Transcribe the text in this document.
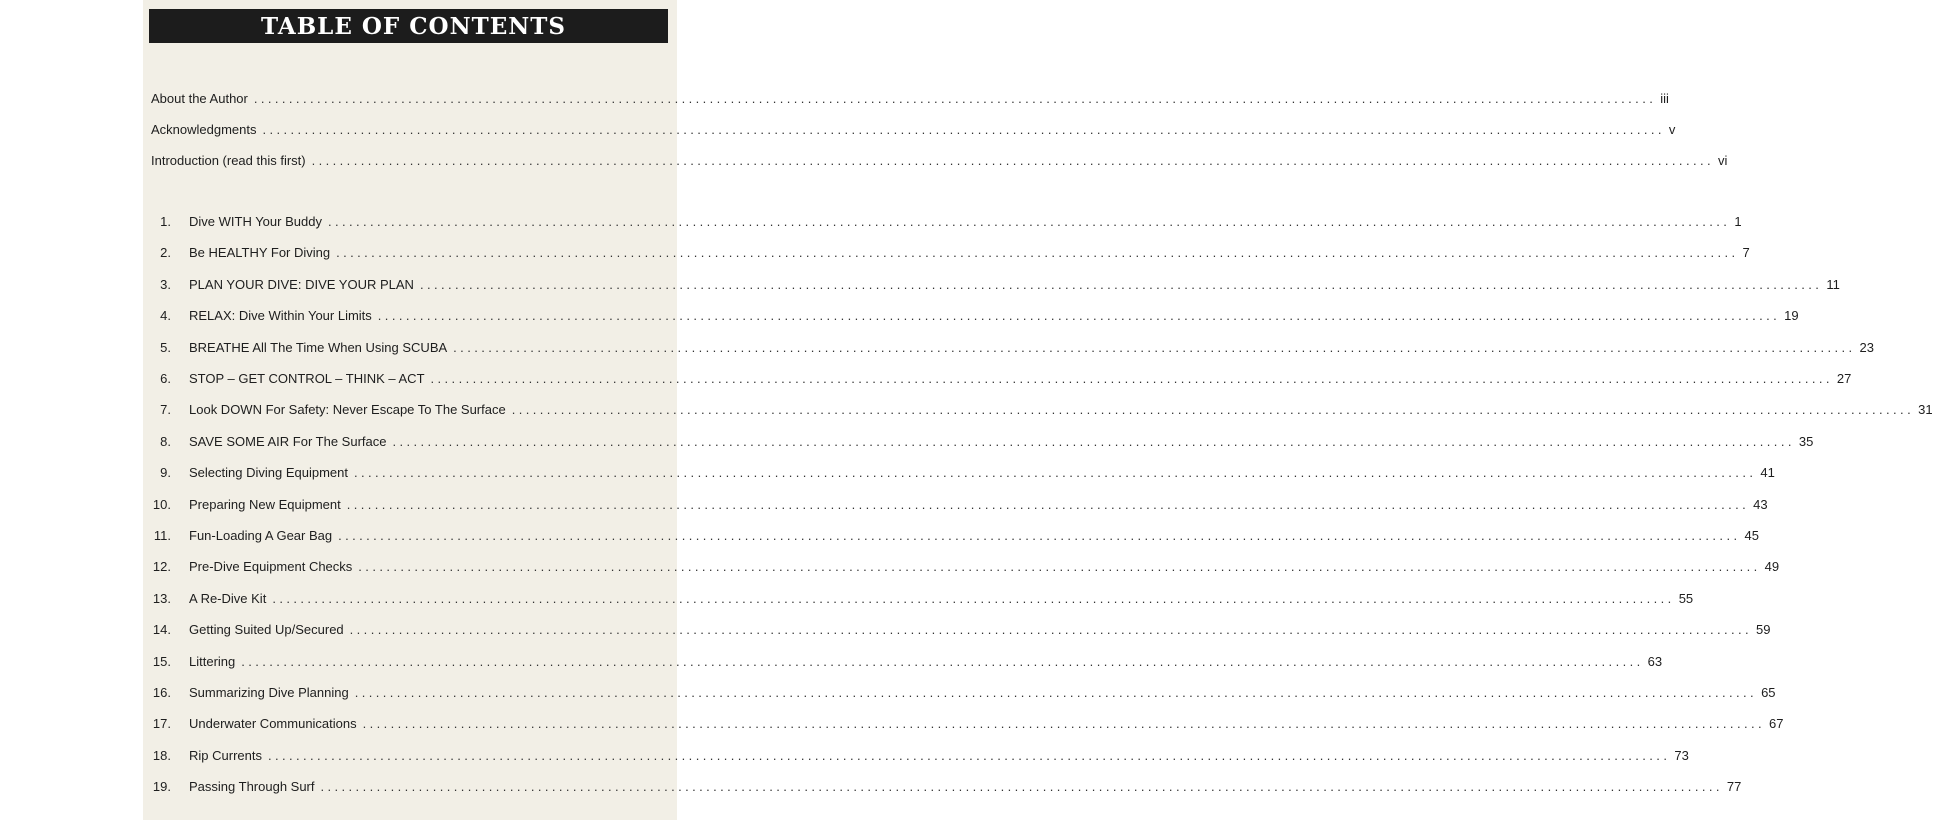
TABLE OF CONTENTS
About the Author ........................................................................................................................................................................................................ iii
Acknowledgments ........................................................................................................................................................................................................ v
Introduction (read this first) ........................................................................................................................................................................................................ vi
1. Dive WITH Your Buddy ........................................................................................................................................................................................................ 1
2. Be HEALTHY For Diving ........................................................................................................................................................................................................ 7
3. PLAN YOUR DIVE: DIVE YOUR PLAN ........................................................................................................................................................................................................ 11
4. RELAX: Dive Within Your Limits ........................................................................................................................................................................................................ 19
5. BREATHE All The Time When Using SCUBA ........................................................................................................................................................................................................ 23
6. STOP – GET CONTROL – THINK – ACT ........................................................................................................................................................................................................ 27
7. Look DOWN For Safety: Never Escape To The Surface ........................................................................................................................................................................................................ 31
8. SAVE SOME AIR For The Surface ........................................................................................................................................................................................................ 35
9. Selecting Diving Equipment ........................................................................................................................................................................................................ 41
10. Preparing New Equipment ........................................................................................................................................................................................................ 43
11. Fun-Loading A Gear Bag ........................................................................................................................................................................................................ 45
12. Pre-Dive Equipment Checks ........................................................................................................................................................................................................ 49
13. A Re-Dive Kit ........................................................................................................................................................................................................ 55
14. Getting Suited Up/Secured ........................................................................................................................................................................................................ 59
15. Littering ........................................................................................................................................................................................................ 63
16. Summarizing Dive Planning ........................................................................................................................................................................................................ 65
17. Underwater Communications ........................................................................................................................................................................................................ 67
18. Rip Currents ........................................................................................................................................................................................................ 73
19. Passing Through Surf ........................................................................................................................................................................................................ 77
